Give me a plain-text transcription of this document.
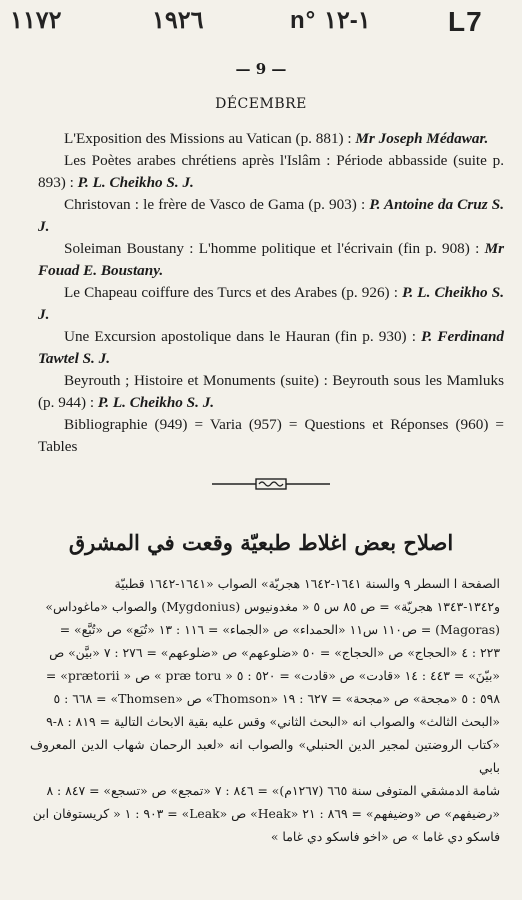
١١٧٢	١٩٢٦	n° ١-١٢	L7
— 9 —
DÉCEMBRE

L'Exposition des Missions au Vatican (p. 881) : Mr Joseph Médawar.

Les Poètes arabes chrétiens après l'Islâm : Période abbasside (suite p. 893) : P. L. Cheikho S. J.

Christovan : le frère de Vasco de Gama (p. 903) : P. Antoine da Cruz S. J.

Soleiman Boustany : L'homme politique et l'écrivain (fin p. 908) : Mr Fouad E. Boustany.

Le Chapeau coiffure des Turcs et des Arabes (p. 926) : P. L. Cheikho S. J.

Une Excursion apostolique dans le Hauran (fin p. 930) : P. Ferdinand Tawtel S. J.

Beyrouth ; Histoire et Monuments (suite) : Beyrouth sous les Mamluks (p. 944) : P. L. Cheikho S. J.

Bibliographie (949) = Varia (957) = Questions et Réponses (960) = Tables

اصلاح بعض اغلاط طبعيّة وقعت في المشرق

الصفحة ا السطر ٩ والسنة ١٦٤١-١٦٤٢ هجريّة» الصواب «١٦٤١-١٦٤٢ قطبيّة

و١٣٤٢-١٣٤٣ هجريّة» = ص ٨٥ س ٥ « مغدونيوس (Mygdonius) والصواب «ماغوداس»

(Magoras) = ص١١٠ س١١ «الحمداء» ص «الجماء» = ١١٦ : ١٣ «تُبَع» ص «تُبَّع» =

٢٢٣ : ٤ «الحجاج» ص «الحجاج» = ٥٠ «ضلوعهم» ص «ضلوعهم» = ٢٧٦ : ٧ «بيَّن» ص

«بيّنَ» = ٤٤٣ : ١٤ «قادت» ص «قادت» = ٥٢٠ : ٥ « præ toru » ص « prætorii» =

٥٩٨ : ٥ «مجحة» ص «مجحة» = ٦٢٧ : ١٩ «Thomson» ص «Thomsen» = ٦٦٨ : ٥

«البحث الثالث» والصواب انه «البحث الثاني» وقس عليه بقية الابحاث التالية = ٨١٩ : ٨-٩

«كتاب الروضتين لمجير الدين الحنبلي» والصواب انه «لعبد الرحمان شهاب الدين المعروف بابي

شامة الدمشقي المتوفى سنة ٦٦٥ (١٢٦٧م)» = ٨٤٦ : ٧ «تمجع» ص «تسجع» = ٨٤٧ : ٨

«رضيفهم» ص «وضيفهم» = ٨٦٩ : ٢١ «Heak» ص «Leak» = ٩٠٣ : ١ « كريستوفان ابن

فاسكو دي غاما » ص «اخو فاسكو دي غاما »
